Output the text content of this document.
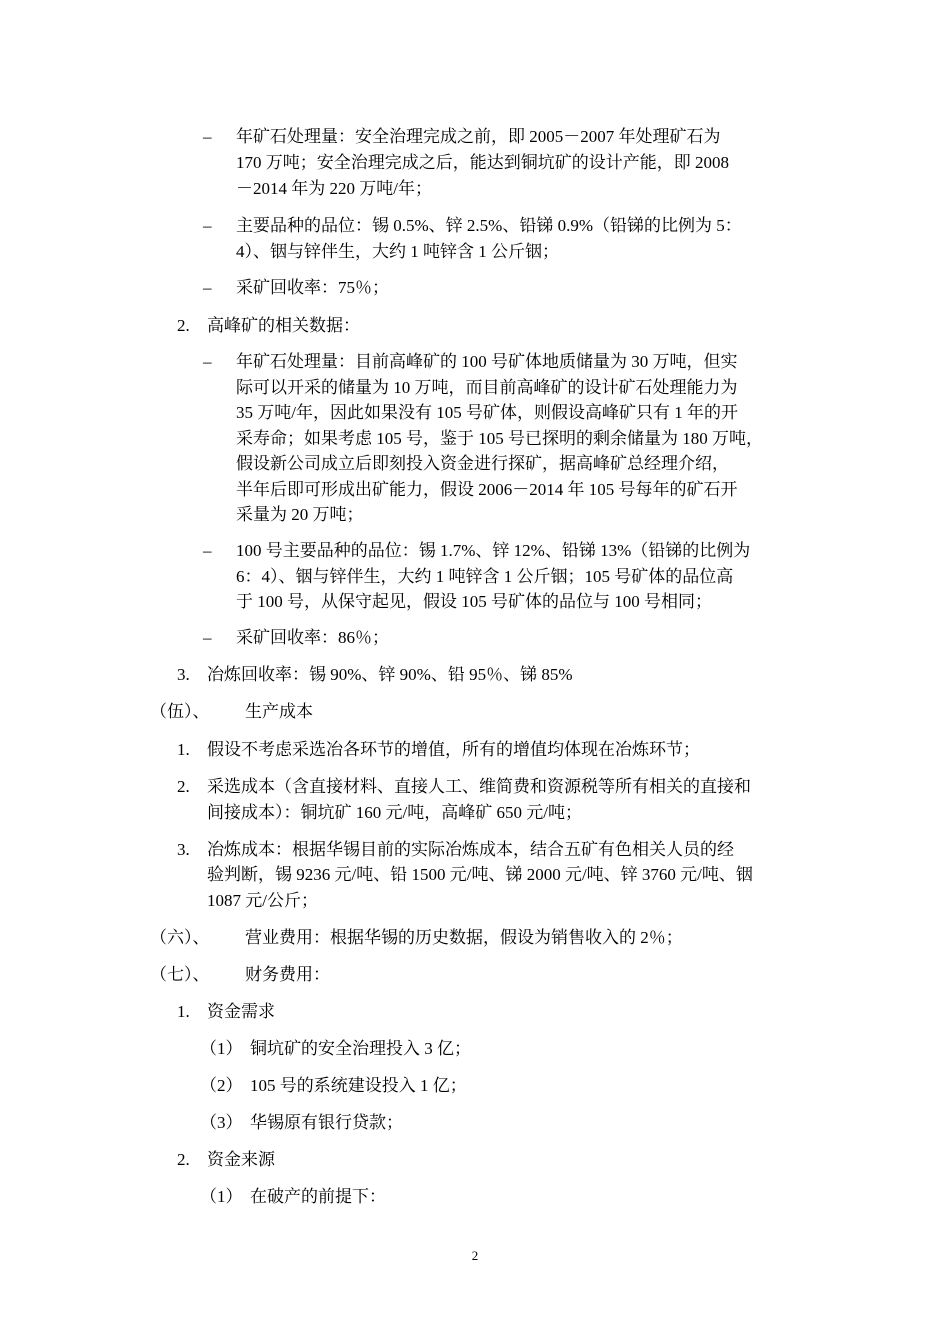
–	年矿石处理量：安全治理完成之前，即 2005－2007 年处理矿石为
170 万吨；安全治理完成之后，能达到铜坑矿的设计产能，即 2008
－2014 年为 220 万吨/年；
–	主要品种的品位：锡 0.5%、锌 2.5%、铅锑 0.9%（铅锑的比例为 5：
4）、铟与锌伴生，大约 1 吨锌含 1 公斤铟；
–	采矿回收率：75％；
2.	高峰矿的相关数据：
–	年矿石处理量：目前高峰矿的 100 号矿体地质储量为 30 万吨，但实
际可以开采的储量为 10 万吨，而目前高峰矿的设计矿石处理能力为
35 万吨/年，因此如果没有 105 号矿体，则假设高峰矿只有 1 年的开
采寿命；如果考虑 105 号，鉴于 105 号已探明的剩余储量为 180 万吨，
假设新公司成立后即刻投入资金进行探矿，据高峰矿总经理介绍，
半年后即可形成出矿能力，假设 2006－2014 年 105 号每年的矿石开
采量为 20 万吨；
–	100 号主要品种的品位：锡 1.7%、锌 12%、铅锑 13%（铅锑的比例为
6：4）、铟与锌伴生，大约 1 吨锌含 1 公斤铟；105 号矿体的品位高
于 100 号，从保守起见，假设 105 号矿体的品位与 100 号相同；
–	采矿回收率：86％；
3.	冶炼回收率：锡 90%、锌 90%、铅 95％、锑 85%
（伍）、	生产成本
1.	假设不考虑采选冶各环节的增值，所有的增值均体现在冶炼环节；
2.	采选成本（含直接材料、直接人工、维简费和资源税等所有相关的直接和
间接成本）：铜坑矿 160 元/吨，高峰矿 650 元/吨；
3.	冶炼成本：根据华锡目前的实际冶炼成本，结合五矿有色相关人员的经
验判断，锡 9236 元/吨、铅 1500 元/吨、锑 2000 元/吨、锌 3760 元/吨、铟
1087 元/公斤；
（六）、	营业费用：根据华锡的历史数据，假设为销售收入的 2％；
（七）、	财务费用：
1.	资金需求
（1） 铜坑矿的安全治理投入 3 亿；
（2） 105 号的系统建设投入 1 亿；
（3） 华锡原有银行贷款；
2.	资金来源
（1） 在破产的前提下：
2
